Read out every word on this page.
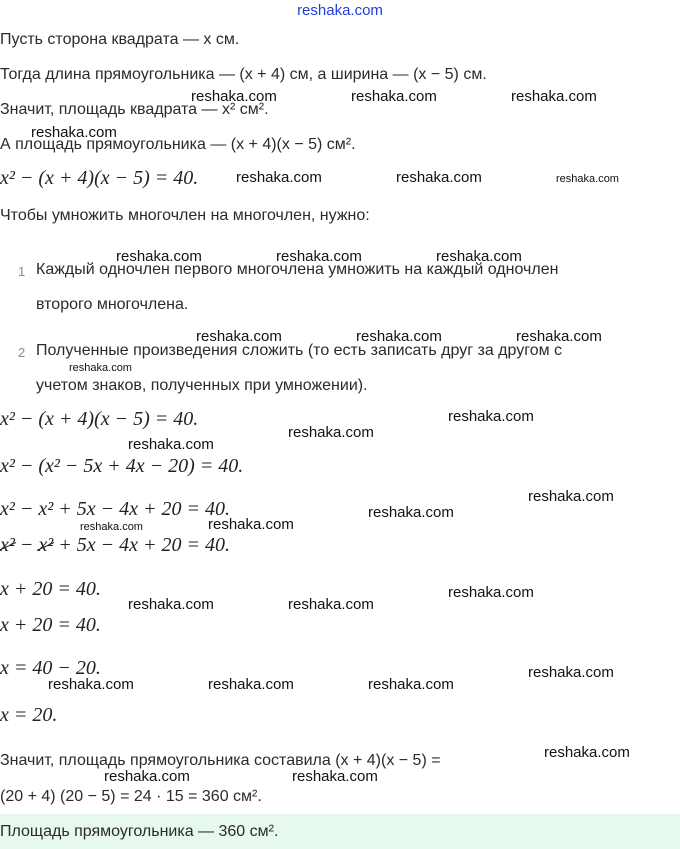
reshaka.com
Пусть сторона квадрата — x см.
Тогда длина прямоугольника — (x + 4) см, а ширина — (x − 5) см.
Значит, площадь квадрата — x² см².
А площадь прямоугольника — (x + 4)(x − 5) см².
x² − (x + 4)(x − 5) = 40.
Чтобы умножить многочлен на многочлен, нужно:
1 Каждый одночлен первого многочлена умножить на каждый одночлен
второго многочлена.
2 Полученные произведения сложить (то есть записать друг за другом с
учетом знаков, полученных при умножении).
x² − (x + 4)(x − 5) = 40.
x² − (x² − 5x + 4x − 20) = 40.
x² − x² + 5x − 4x + 20 = 40.
x² − x² + 5x − 4x + 20 = 40.
x + 20 = 40.
x + 20 = 40.
x = 40 − 20.
x = 20.
Значит, площадь прямоугольника составила (x + 4)(x − 5) =
(20 + 4) (20 − 5) = 24 · 15 = 360 см².
Площадь прямоугольника — 360 см².
reshaka.com	reshaka.com	reshaka.com
reshaka.com
reshaka.com	reshaka.com	reshaka.com
reshaka.com	reshaka.com	reshaka.com
reshaka.com	reshaka.com	reshaka.com
reshaka.com
reshaka.com
reshaka.com
reshaka.com
reshaka.com
reshaka.com
reshaka.com
reshaka.com
reshaka.com
reshaka.com	reshaka.com
reshaka.com
reshaka.com	reshaka.com	reshaka.com
reshaka.com
reshaka.com	reshaka.com
